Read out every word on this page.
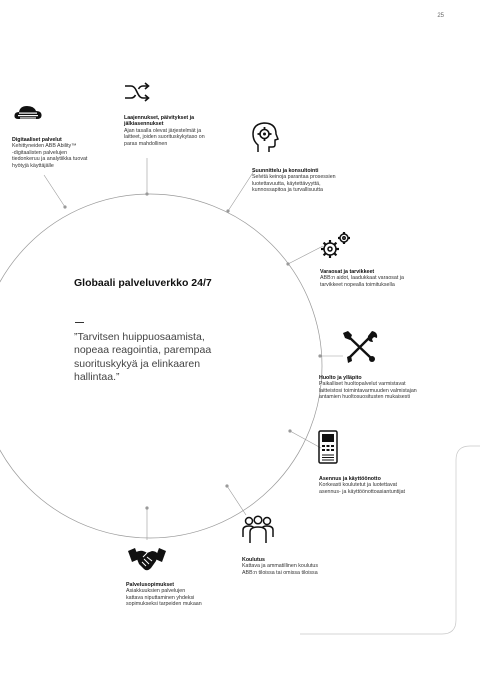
25
Digitaaliset palvelut
Kehittyneiden ABB Ability™
-digitaalisten palvelujen
tiedonkeruu ja analytiikka tuovat
hyötyjä käyttäjälle
Laajennukset, päivitykset ja
jälkiasennukset
Ajan tasalla olevat järjestelmät ja
laitteet, joiden suorituskykytaso on
paras mahdollinen
Suunnittelu ja konsultointi
Selvitä keinoja parantaa prosessien
luotettavuutta, käytettävyyttä,
kunnossapitoa ja turvallisuutta
Varaosat ja tarvikkeet
ABB:n aidot, laadukkaat varaosat ja
tarvikkeet nopealla toimituksella
Huolto ja ylläpito
Paikalliset huoltopalvelut varmistavat
laitteistosi toimintavarmuuden valmistajan
antamien huoltosuositusten mukaisesti
Asennus ja käyttöönotto
Korkeasti koulutetut ja luotettavat
asennus- ja käyttöönottoasiantuntijat
Koulutus
Kattava ja ammatillinen koulutus
ABB:n tiloissa tai omissa tiloissa
Palvelusopimukset
Asiakkuuksien palvelujen
kattava niputtaminen yhdeksi
sopimukseksi tarpeiden mukaan
Globaali palveluverkko 24/7
”Tarvitsen huippuosaamista,
nopeaa reagointia, parempaa
suorituskykyä ja elinkaaren
hallintaa.”
